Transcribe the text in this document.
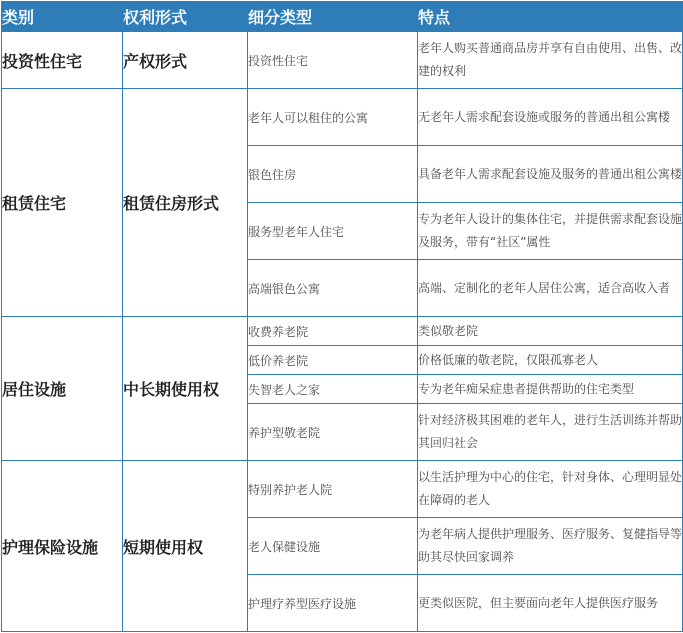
类别	权利形式	细分类型	特点
投资性住宅	产权形式	投资性住宅	老年人购买普通商品房并享有自由使用、出售、改建的权利
租赁住宅	租赁住房形式	老年人可以租住的公寓	无老年人需求配套设施或服务的普通出租公寓楼
		银色住房	具备老年人需求配套设施及服务的普通出租公寓楼
		服务型老年人住宅	专为老年人设计的集体住宅，并提供需求配套设施及服务，带有“社区”属性
		高端银色公寓	高端、定制化的老年人居住公寓，适合高收入者
居住设施	中长期使用权	收费养老院	类似敬老院
		低价养老院	价格低廉的敬老院，仅限孤寡老人
		失智老人之家	专为老年痴呆症患者提供帮助的住宅类型
		养护型敬老院	针对经济极其困难的老年人，进行生活训练并帮助其回归社会
护理保险设施	短期使用权	特别养护老人院	以生活护理为中心的住宅，针对身体、心理明显处在障碍的老人
		老人保健设施	为老年病人提供护理服务、医疗服务、复健指导等助其尽快回家调养
		护理疗养型医疗设施	更类似医院，但主要面向老年人提供医疗服务
